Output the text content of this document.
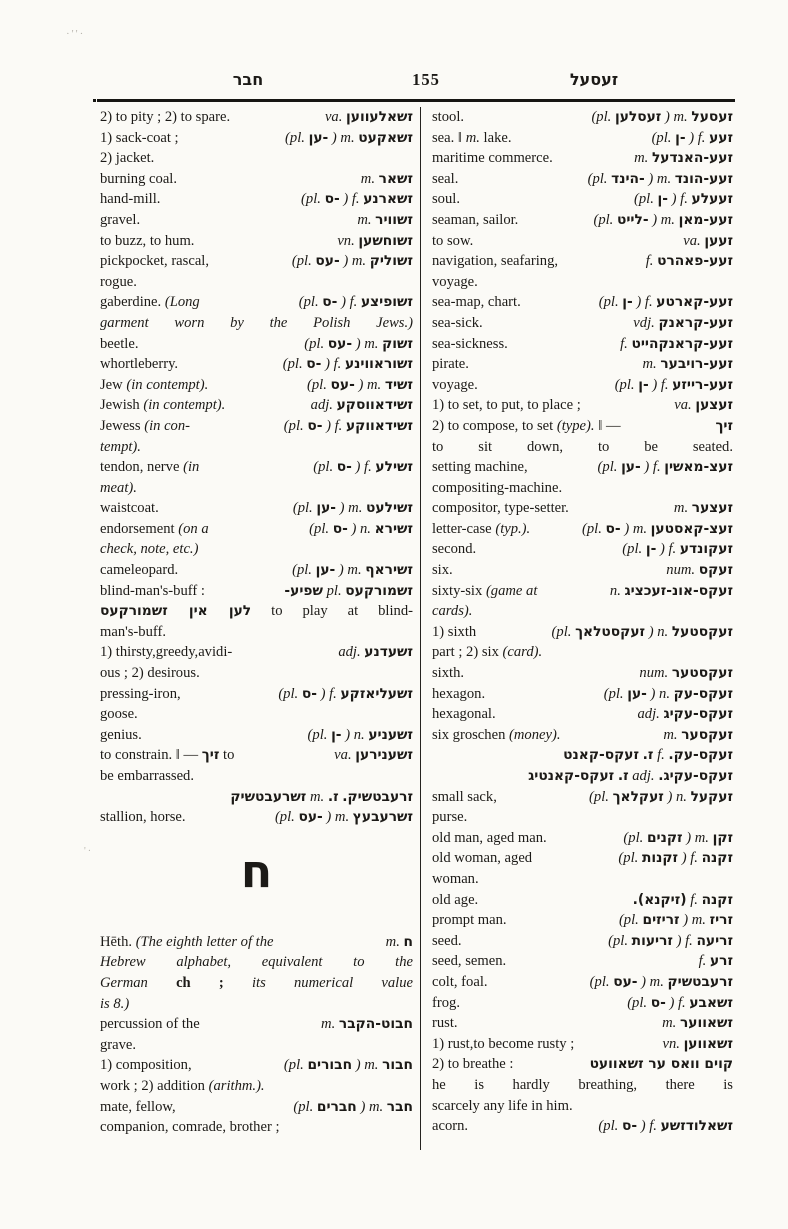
·''·
'·
חבר	155	זעסעל
va. זשאלעווען
2) to pity ; 2) to spare.
(pl. -ען ) m. זשאקעט
1) sack-coat ;
2) jacket.
m. זשאר
burning coal.
(pl. -ס ) f. זשארנע
hand-mill.
m. זשוויר
gravel.
vn. זשוחשען
to buzz, to hum.
(pl. -עס ) m. זשוליק
pickpocket, rascal,
rogue.
(pl. -ס ) f. זשופיצע
gaberdine. (Long
garment worn by the Polish Jews.)
(pl. -עס ) m. זשוק
beetle.
(pl. -ס ) f. זשוראווינע
whortleberry.
(pl. -עס ) m. זשיד
Jew (in contempt).
adj. זשידאווסקע
Jewish (in contempt).
(pl. -ס ) f. זשידאווקע
Jewess (in con-
tempt).
(pl. -ס ) f. זשילע
tendon, nerve (in
meat).
(pl. -ען ) m. זשילעט
waistcoat.
(pl. -ס ) n. זשירא
endorsement (on a
check, note, etc.)
(pl. -ען ) m. זשיראף
cameleopard.
שפיע- pl. זשמורקעס
blind-man's-buff :
לען אין זשמורקעס to play at blind-
man's-buff.
adj. זשעדנע
1) thirsty,greedy,avidi-
ous ; 2) desirous.
(pl. -ס ) f. זשעליאזקע
pressing-iron,
goose.
(pl. -ן ) n. זשעניע
genius.
va. זשענירען
to constrain. ‖ — זיך to
be embarrassed.
זשרעבטשיק m. ז. זרעבטשיק.
(pl. -עס ) m. זשרעבעץ
stallion, horse.
ח
m. ח
Hēth. (The eighth letter of the
Hebrew alphabet, equivalent to the
German ch ; its numerical value
is 8.)
m. חבוט-הקבר
percussion of the
grave.
(pl. חבורים ) m. חבור
1) composition,
work ; 2) addition (arithm.).
(pl. חברים ) m. חבר
mate, fellow,
companion, comrade, brother ;
(pl. זעסלען ) m. זעסעל
stool.
(pl. -ן ) f. זעע
sea. ‖ m. lake.
m. זעע-האנדעל
maritime commerce.
(pl. -הינד ) m. זעע-הונד
seal.
(pl. -ן ) f. זעעלע
soul.
(pl. -לייט ) m. זעע-מאן
seaman, sailor.
va. זעען
to sow.
f. זעע-פאהרט
navigation, seafaring,
voyage.
(pl. -ן ) f. זעע-קארטע
sea-map, chart.
vdj. זעע-קראנק
sea-sick.
f. זעע-קראנקהייט
sea-sickness.
m. זעע-רויבער
pirate.
(pl. -ן ) f. זעע-רייזע
voyage.
va. זעצען
1) to set, to put, to place ;
זיך
2) to compose, to set (type). ‖ —
to sit down, to be seated.
(pl. -ען ) f. זעצ-מאשין
setting machine,
compositing-machine.
m. זעצער
compositor, type-setter.
(pl. -ס ) m. זעצ-קאסטען
letter-case (typ.).
(pl. -ן ) f. זעקונדע
second.
num. זעקס
six.
n. זעקס-אונ-זעכציג
sixty-six (game at
cards).
(pl. זעקסטלאך ) n. זעקסטעל
1) sixth
part ; 2) six (card).
num. זעקסטער
sixth.
(pl. -ען ) n. זעקס-עק
hexagon.
adj. זעקס-עקיג
hexagonal.
m. זעקסער
six groschen (money).
זעקס-קאנט ז. f. זעקס-עק.
זעקס-קאנטיג ז. adj. זעקס-עקיג.
(pl. זעקלאך ) n. זעקעל
small sack,
purse.
(pl. זקנים ) m. זקן
old man, aged man.
(pl. זקנות ) f. זקנה
old woman, aged
woman.
(זיקנא). f. זקנה
old age.
(pl. זריזים ) m. זריז
prompt man.
(pl. זריעות ) f. זריעה
seed.
f. זרע
seed, semen.
(pl. -עס ) m. זרעבטשיק
colt, foal.
(pl. -ס ) f. זשאבע
frog.
m. זשאווער
rust.
vn. זשאווען
1) rust,to become rusty ;
קוים וואס ער זשאוועט
2) to breathe :
he is hardly breathing, there is
scarcely any life in him.
(pl. -ס ) f. זשאלודזשע
acorn.
